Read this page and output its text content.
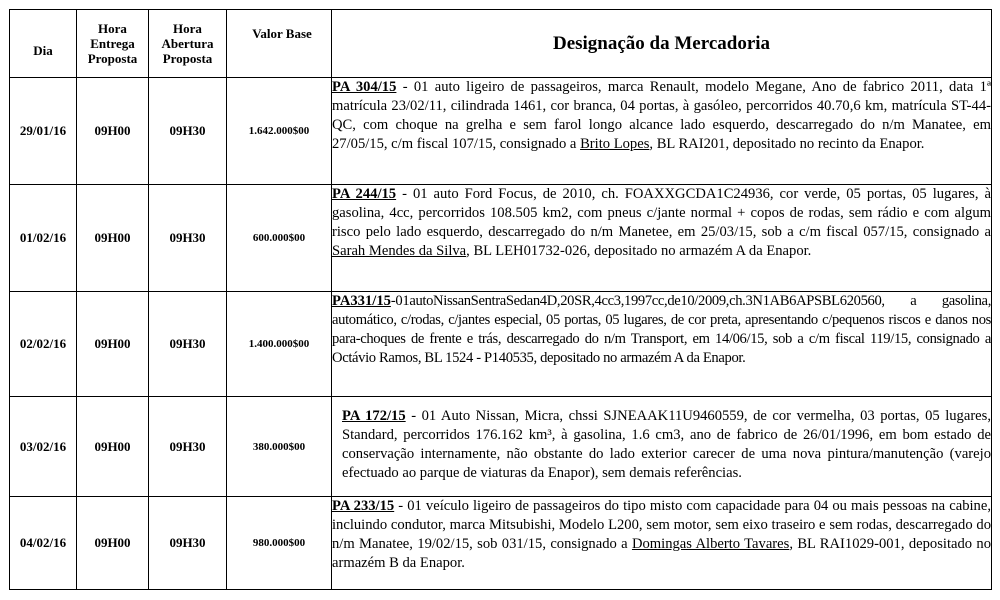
Dia	Hora Entrega Proposta	Hora Abertura Proposta	Valor Base	Designação da Mercadoria
29/01/16	09H00	09H30	1.642.000$00	PA 304/15 - 01 auto ligeiro de passageiros, marca Renault, modelo Megane, Ano de fabrico 2011, data 1ª matrícula 23/02/11, cilindrada 1461, cor branca, 04 portas, à gasóleo, percorridos 40.70,6 km, matrícula ST-44-QC, com choque na grelha e sem farol longo alcance lado esquerdo, descarregado do n/m Manatee, em 27/05/15, c/m fiscal 107/15, consignado a Brito Lopes, BL RAI201, depositado no recinto da Enapor.
01/02/16	09H00	09H30	600.000$00	PA 244/15 - 01 auto Ford Focus, de 2010, ch. FOAXXGCDA1C24936, cor verde, 05 portas, 05 lugares, à gasolina, 4cc, percorridos 108.505 km2, com pneus c/jante normal + copos de rodas, sem rádio e com algum risco pelo lado esquerdo, descarregado do n/m Manetee, em 25/03/15, sob a c/m fiscal 057/15, consignado a Sarah Mendes da Silva, BL LEH01732-026, depositado no armazém A da Enapor.
02/02/16	09H00	09H30	1.400.000$00	PA331/15-01autoNissanSentraSedan4D,20SR,4cc3,1997cc,de10/2009,ch.3N1AB6APSBL620560, a gasolina, automático, c/rodas, c/jantes especial, 05 portas, 05 lugares, de cor preta, apresentando c/pequenos riscos e danos nos para-choques de frente e trás, descarregado do n/m Transport, em 14/06/15, sob a c/m fiscal 119/15, consignado a Octávio Ramos, BL 1524 - P140535, depositado no armazém A da Enapor.
03/02/16	09H00	09H30	380.000$00	PA 172/15 - 01 Auto Nissan, Micra, chssi SJNEAAK11U9460559, de cor vermelha, 03 portas, 05 lugares, Standard, percorridos 176.162 km³, à gasolina, 1.6 cm3, ano de fabrico de 26/01/1996, em bom estado de conservação internamente, não obstante do lado exterior carecer de uma nova pintura/manutenção (varejo efectuado ao parque de viaturas da Enapor), sem demais referências.
04/02/16	09H00	09H30	980.000$00	PA 233/15 - 01 veículo ligeiro de passageiros do tipo misto com capacidade para 04 ou mais pessoas na cabine, incluindo condutor, marca Mitsubishi, Modelo L200, sem motor, sem eixo traseiro e sem rodas, descarregado do n/m Manatee, 19/02/15, sob 031/15, consignado a Domingas Alberto Tavares, BL RAI1029-001, depositado no armazém B da Enapor.
